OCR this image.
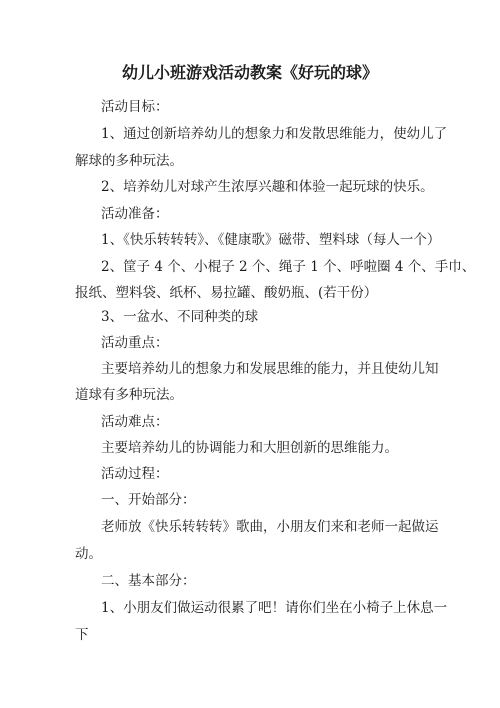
幼儿小班游戏活动教案《好玩的球》
活动目标：
1、通过创新培养幼儿的想象力和发散思维能力，使幼儿了
解球的多种玩法。
2、培养幼儿对球产生浓厚兴趣和体验一起玩球的快乐。
活动准备：
1、《快乐转转转》、《健康歌》磁带、塑料球（每人一个）
2、筐子 4 个、小棍子 2 个、绳子 1 个、呼啦圈 4 个、手巾、
报纸、塑料袋、纸杯、易拉罐、酸奶瓶、(若干份）
3、一盆水、不同种类的球
活动重点：
主要培养幼儿的想象力和发展思维的能力，并且使幼儿知
道球有多种玩法。
活动难点：
主要培养幼儿的协调能力和大胆创新的思维能力。
活动过程：
一、开始部分：
老师放《快乐转转转》歌曲，小朋友们来和老师一起做运
动。
二、基本部分：
1、小朋友们做运动很累了吧！请你们坐在小椅子上休息一
下
